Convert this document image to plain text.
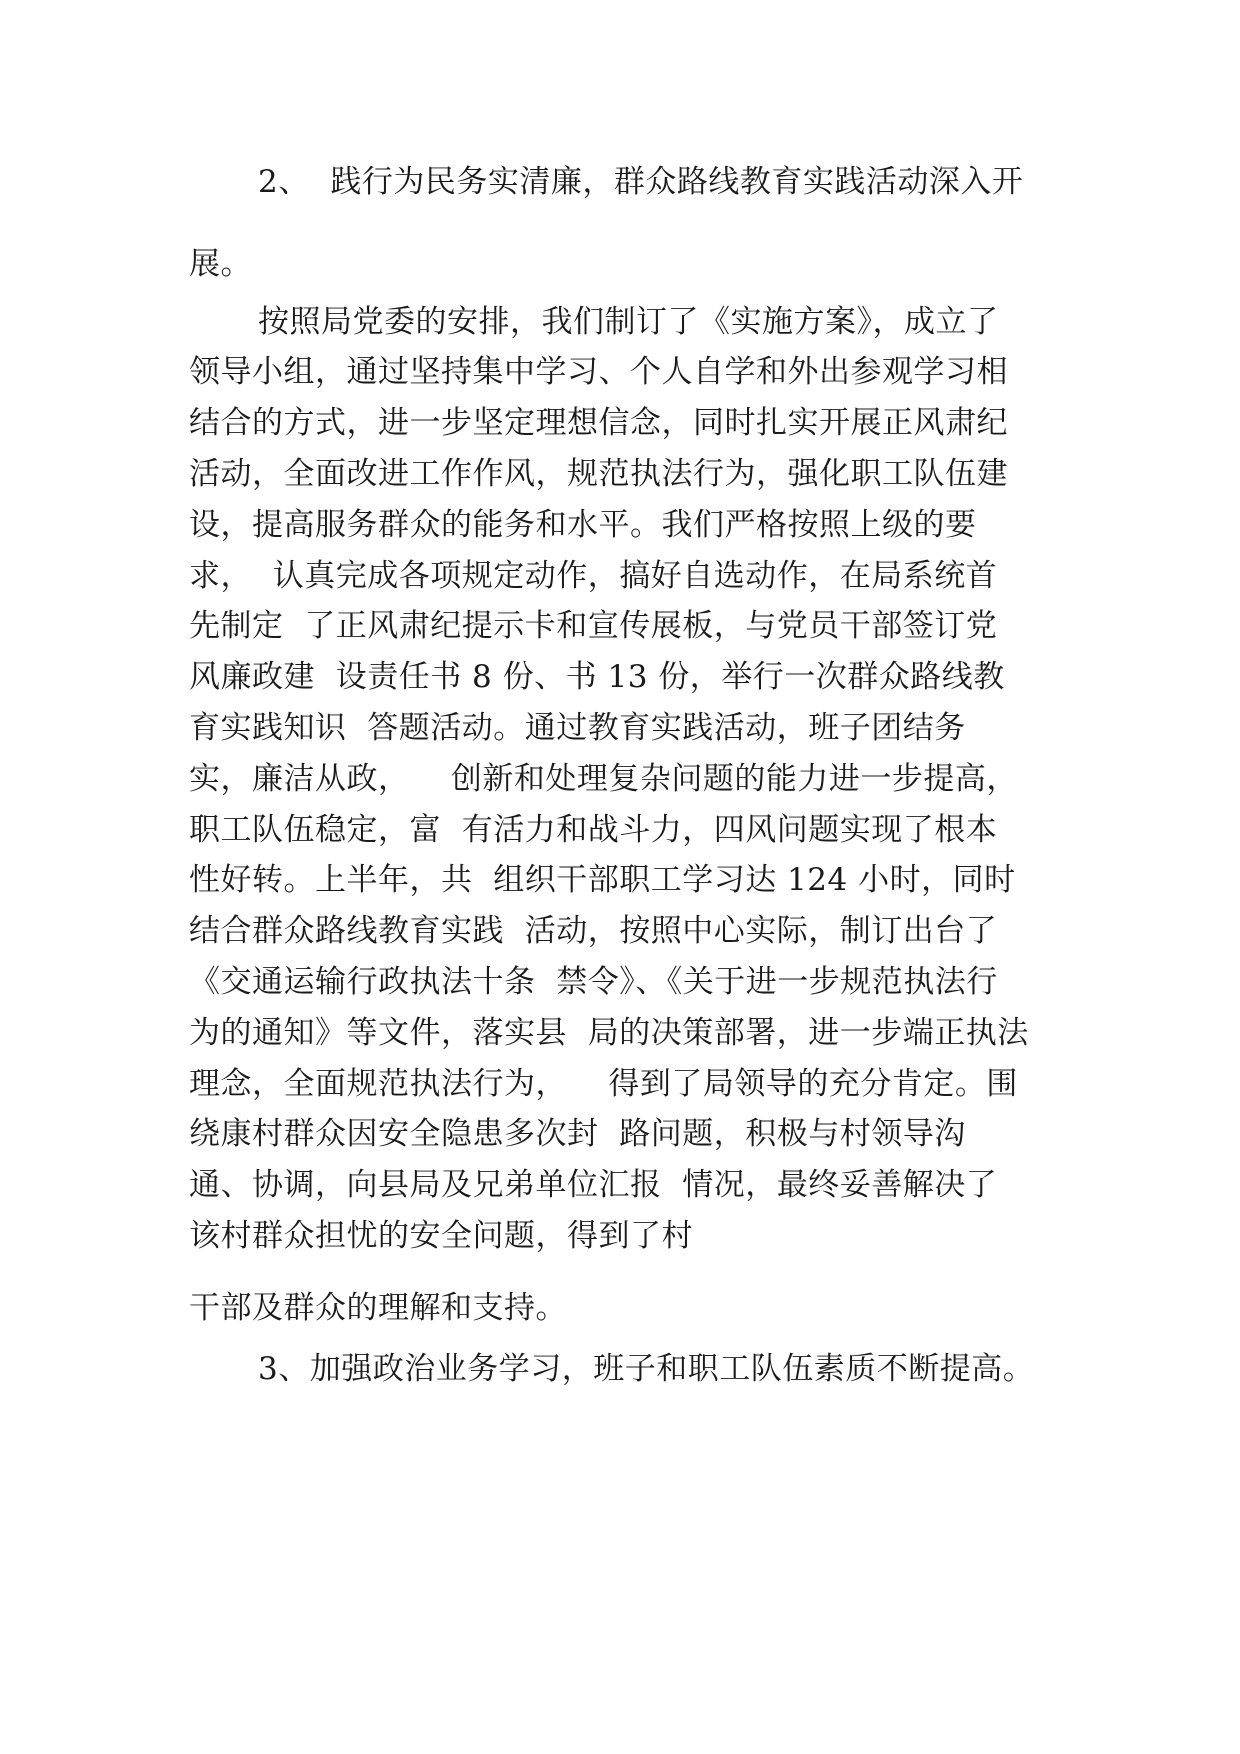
2、  践行为民务实清廉，群众路线教育实践活动深入开
展。
按照局党委的安排，我们制订了《实施方案》，成立了
领导小组，通过坚持集中学习、个人自学和外出参观学习相
结合的方式，进一步坚定理想信念，同时扎实开展正风肃纪
活动，全面改进工作作风，规范执法行为，强化职工队伍建
设，提高服务群众的能务和水平。我们严格按照上级的要
求，  认真完成各项规定动作，搞好自选动作，在局系统首
先制定  了正风肃纪提示卡和宣传展板，与党员干部签订党
风廉政建  设责任书 8 份、书 13 份，举行一次群众路线教
育实践知识  答题活动。通过教育实践活动，班子团结务
实，廉洁从政，    创新和处理复杂问题的能力进一步提高，
职工队伍稳定，富  有活力和战斗力，四风问题实现了根本
性好转。上半年，共  组织干部职工学习达 124 小时，同时
结合群众路线教育实践  活动，按照中心实际，制订出台了
《交通运输行政执法十条  禁令》、《关于进一步规范执法行
为的通知》等文件，落实县  局的决策部署，进一步端正执法
理念，全面规范执法行为，    得到了局领导的充分肯定。围
绕康村群众因安全隐患多次封  路问题，积极与村领导沟
通、协调，向县局及兄弟单位汇报  情况，最终妥善解决了
该村群众担忧的安全问题，得到了村
干部及群众的理解和支持。
3、加强政治业务学习，班子和职工队伍素质不断提高。
